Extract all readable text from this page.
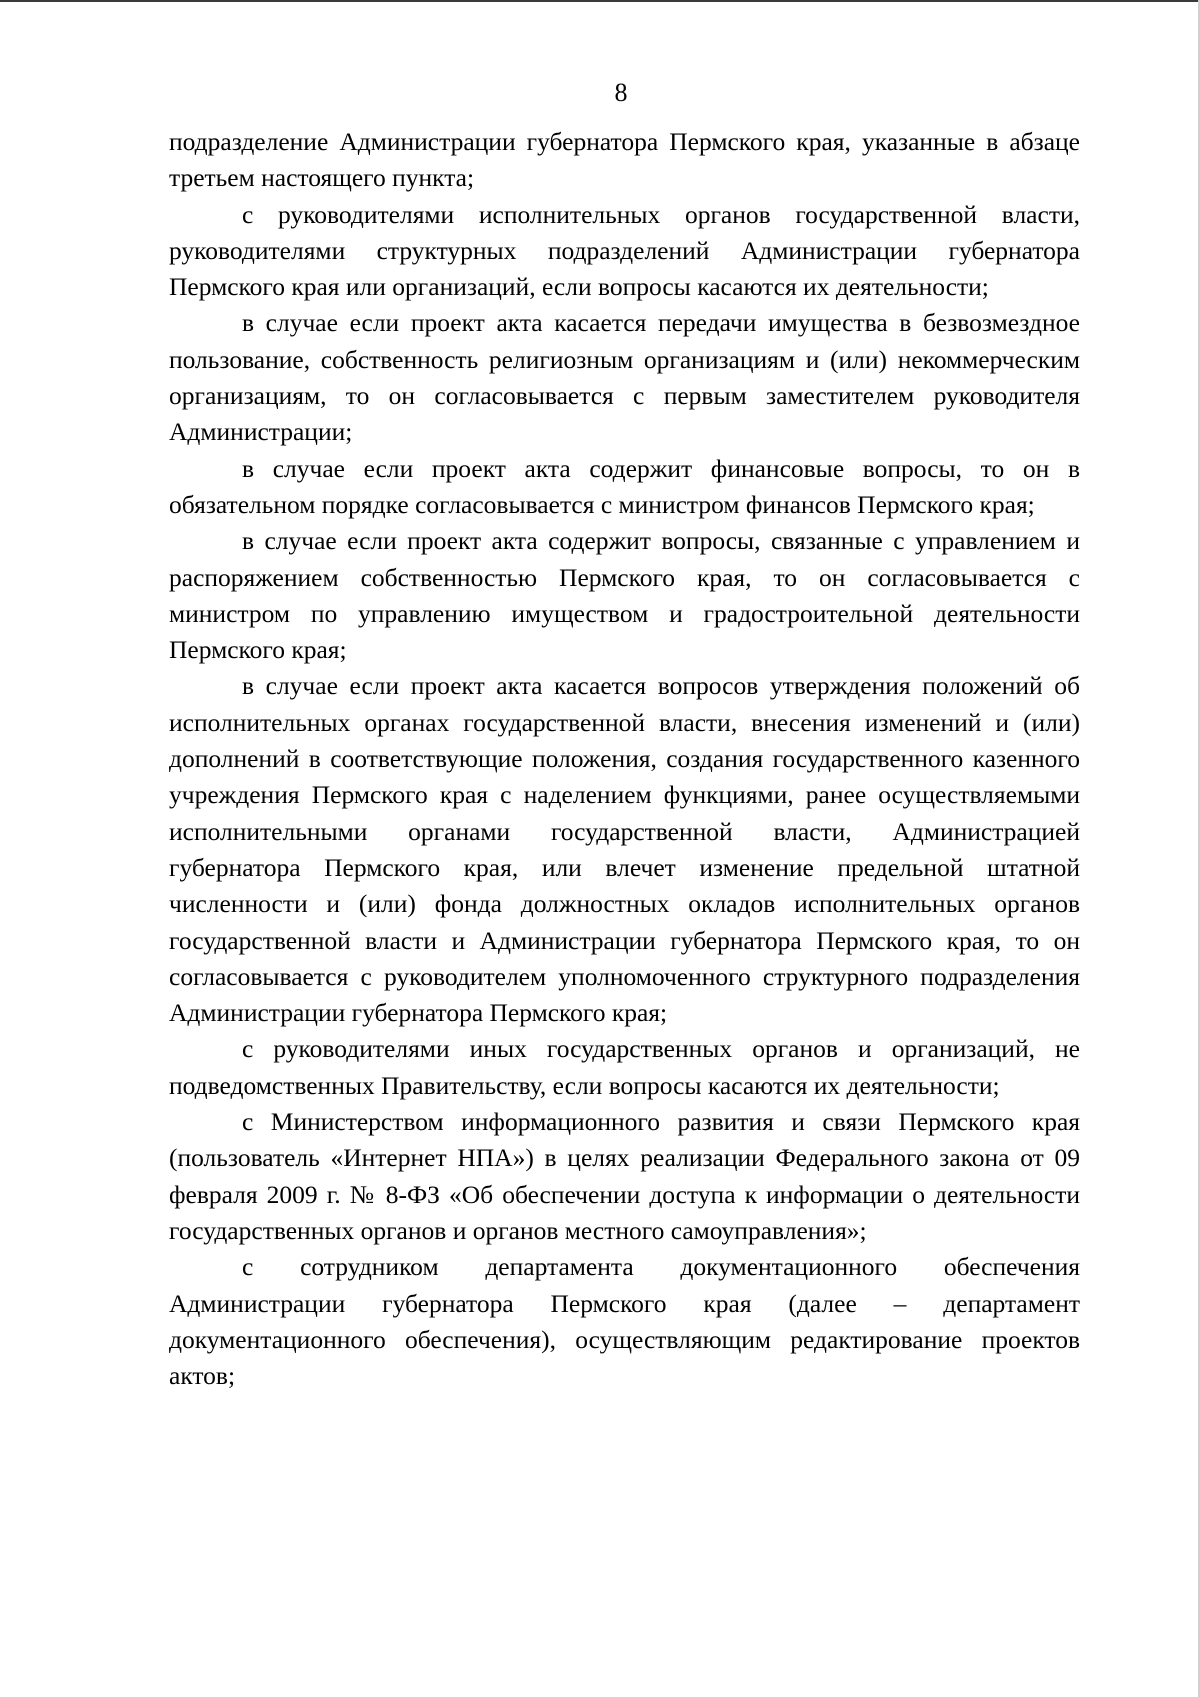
8

подразделение Администрации губернатора Пермского края, указанные в абзаце третьем настоящего пункта;

с руководителями исполнительных органов государственной власти, руководителями структурных подразделений Администрации губернатора Пермского края или организаций, если вопросы касаются их деятельности;

в случае если проект акта касается передачи имущества в безвозмездное пользование, собственность религиозным организациям и (или) некоммерческим организациям, то он согласовывается с первым заместителем руководителя Администрации;

в случае если проект акта содержит финансовые вопросы, то он в обязательном порядке согласовывается с министром финансов Пермского края;

в случае если проект акта содержит вопросы, связанные с управлением и распоряжением собственностью Пермского края, то он согласовывается с министром по управлению имуществом и градостроительной деятельности Пермского края;

в случае если проект акта касается вопросов утверждения положений об исполнительных органах государственной власти, внесения изменений и (или) дополнений в соответствующие положения, создания государственного казенного учреждения Пермского края с наделением функциями, ранее осуществляемыми исполнительными органами государственной власти, Администрацией губернатора Пермского края, или влечет изменение предельной штатной численности и (или) фонда должностных окладов исполнительных органов государственной власти и Администрации губернатора Пермского края, то он согласовывается с руководителем уполномоченного структурного подразделения Администрации губернатора Пермского края;

с руководителями иных государственных органов и организаций, не подведомственных Правительству, если вопросы касаются их деятельности;

с Министерством информационного развития и связи Пермского края (пользователь «Интернет НПА») в целях реализации Федерального закона от 09 февраля 2009 г. № 8-ФЗ «Об обеспечении доступа к информации о деятельности государственных органов и органов местного самоуправления»;

с сотрудником департамента документационного обеспечения Администрации губернатора Пермского края (далее – департамент документационного обеспечения), осуществляющим редактирование проектов актов;
